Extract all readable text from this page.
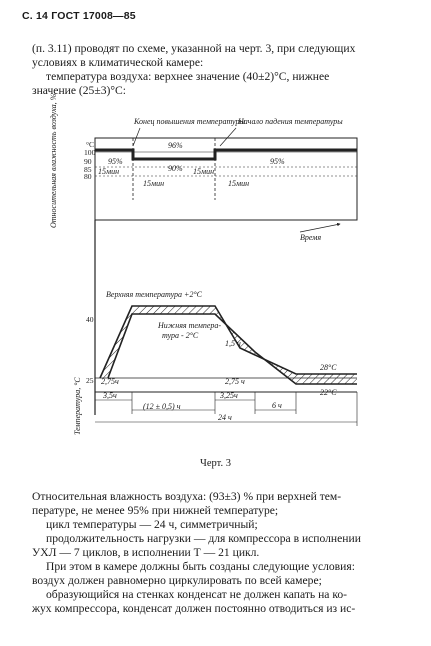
С. 14 ГОСТ 17008—85
(п. 3.11) проводят по схеме, указанной на черт. 3, при следующих
условиях в климатической камере:
температура воздуха: верхнее значение (40±2)°С, нижнее
значение (25±3)°С:
Относительная влажность воздуха, %
Температура, °С
°C
100
90
85
80
Конец повышения температуры
Начало падения температуры
96%
95%	95%
90%
15мин	15мин
15мин	15мин
Время
40
25
Верхняя температура +2°С
Нижняя темпера-
тура - 2°С
28°С
22°С
1,5 ч
2,75 ч
2,75ч
3,5ч
(12 ± 0,5) ч
3,25ч
6 ч
24 ч
Черт. 3
Относительная влажность воздуха: (93±3) % при верхней тем-
пературе, не менее 95% при нижней температуре;
цикл температуры — 24 ч, симметричный;
продолжительность нагрузки — для компрессора в исполнении
УХЛ — 7 циклов, в исполнении Т — 21 цикл.
При этом в камере должны быть созданы следующие условия:
воздух должен равномерно циркулировать по всей камере;
образующийся на стенках конденсат не должен капать на ко-
жух компрессора, конденсат должен постоянно отводиться из ис-
